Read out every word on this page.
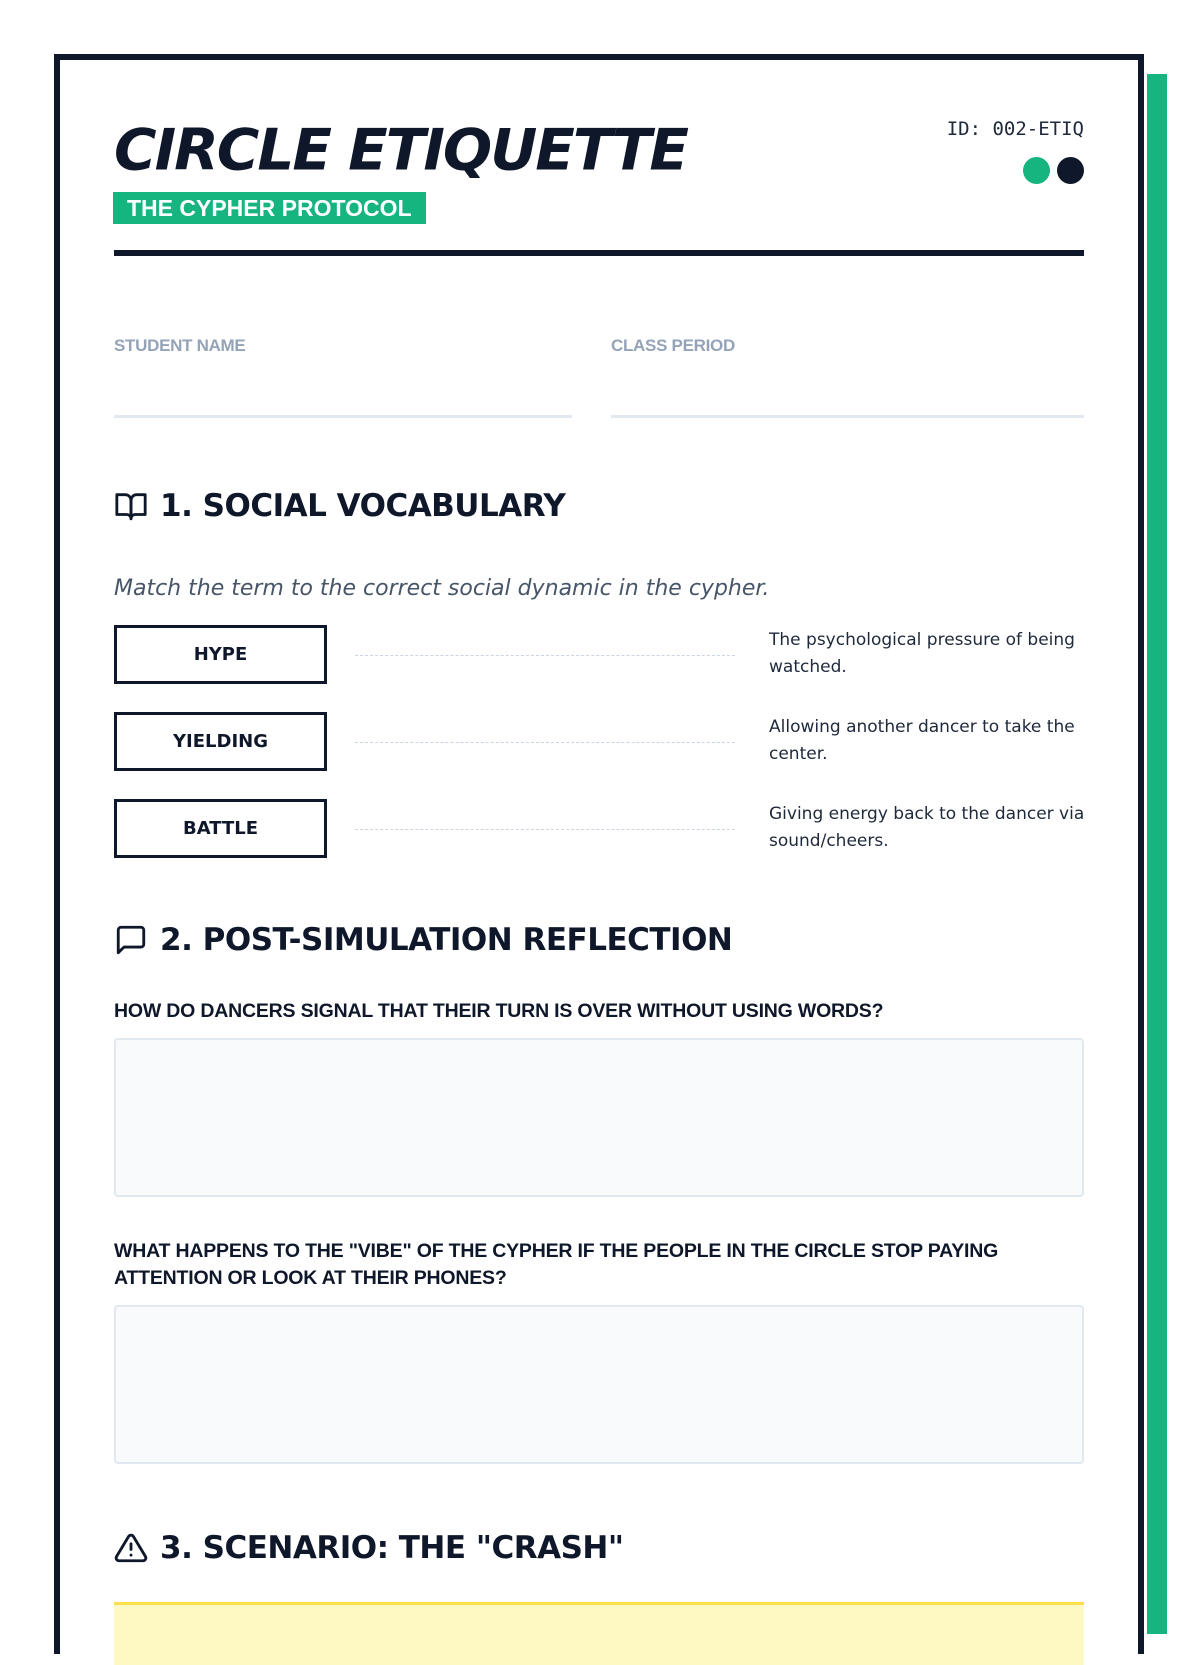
CIRCLE ETIQUETTE
THE CYPHER PROTOCOL
ID: 002-ETIQ
STUDENT NAME	CLASS PERIOD
1. SOCIAL VOCABULARY

Match the term to the correct social dynamic in the cypher.

HYPE
The psychological pressure of being watched.
YIELDING
Allowing another dancer to take the center.
BATTLE
Giving energy back to the dancer via sound/cheers.
2. POST-SIMULATION REFLECTION

HOW DO DANCERS SIGNAL THAT THEIR TURN IS OVER WITHOUT USING WORDS?

WHAT HAPPENS TO THE "VIBE" OF THE CYPHER IF THE PEOPLE IN THE CIRCLE STOP PAYING ATTENTION OR LOOK AT THEIR PHONES?

3. SCENARIO: THE "CRASH"
